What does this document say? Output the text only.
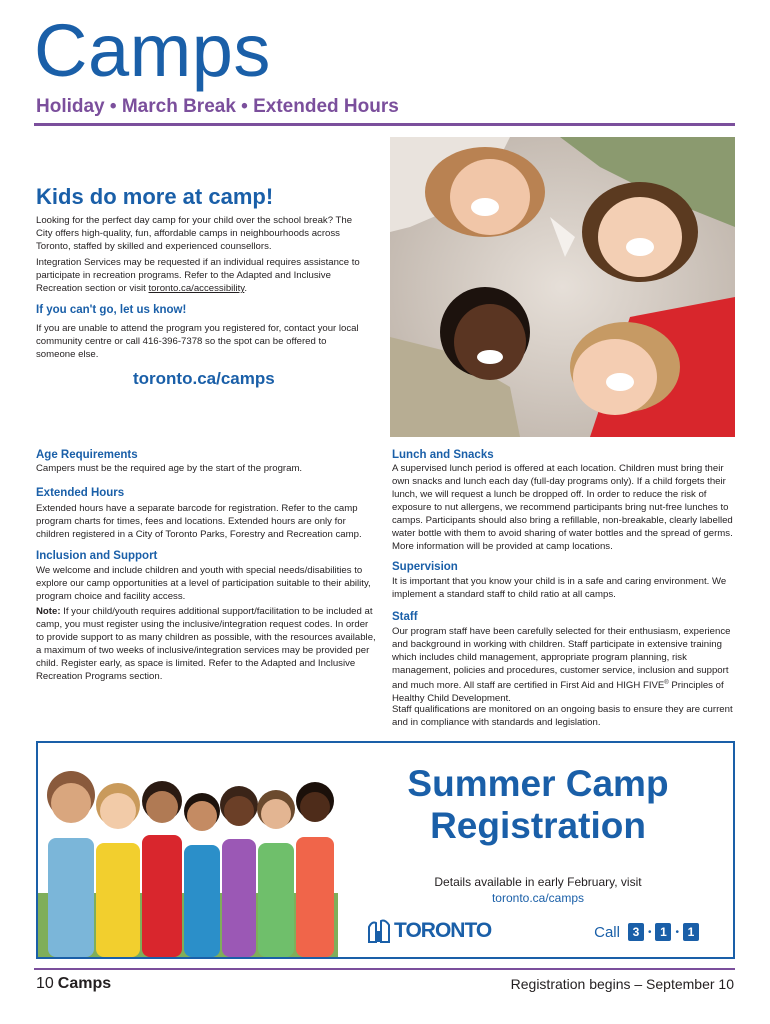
Camps
Holiday • March Break • Extended Hours
Kids do more at camp!
Looking for the perfect day camp for your child over the school break? The City offers high-quality, fun, affordable camps in neighbourhoods across Toronto, staffed by skilled and experienced counsellors.
Integration Services may be requested if an individual requires assistance to participate in recreation programs. Refer to the Adapted and Inclusive Recreation section or visit toronto.ca/accessibility.
If you can't go, let us know!
If you are unable to attend the program you registered for, contact your local community centre or call 416-396-7378 so the spot can be offered to someone else.
toronto.ca/camps
Age Requirements
Campers must be the required age by the start of the program.
Extended Hours
Extended hours have a separate barcode for registration. Refer to the camp program charts for times, fees and locations. Extended hours are only for children registered in a City of Toronto Parks, Forestry and Recreation camp.
Inclusion and Support
We welcome and include children and youth with special needs/disabilities to explore our camp opportunities at a level of participation suitable to their ability, program choice and facility access.
Note: If your child/youth requires additional support/facilitation to be included at camp, you must register using the inclusive/integration request codes. In order to provide support to as many children as possible, with the resources available, a maximum of two weeks of inclusive/integration services may be provided per child. Register early, as space is limited. Refer to the Adapted and Inclusive Recreation Programs section.
Lunch and Snacks
A supervised lunch period is offered at each location. Children must bring their own snacks and lunch each day (full-day programs only). If a child forgets their lunch, we will request a lunch be dropped off. In order to reduce the risk of exposure to nut allergens, we recommend participants bring nut-free lunches to camps. Participants should also bring a refillable, non-breakable, clearly labelled water bottle with them to avoid sharing of water bottles and the spread of germs. More information will be provided at camp locations.
Supervision
It is important that you know your child is in a safe and caring environment. We implement a standard staff to child ratio at all camps.
Staff
Our program staff have been carefully selected for their enthusiasm, experience and background in working with children. Staff participate in extensive training which includes child management, appropriate program planning, risk management, policies and procedures, customer service, inclusion and support and much more. All staff are certified in First Aid and HIGH FIVE® Principles of Healthy Child Development.
Staff qualifications are monitored on an ongoing basis to ensure they are current and in compliance with standards and legislation.
Summer Camp
Registration
Details available in early February, visit
toronto.ca/camps
TORONTO	Call	3 • 1 • 1
10 Camps	Registration begins – September 10
